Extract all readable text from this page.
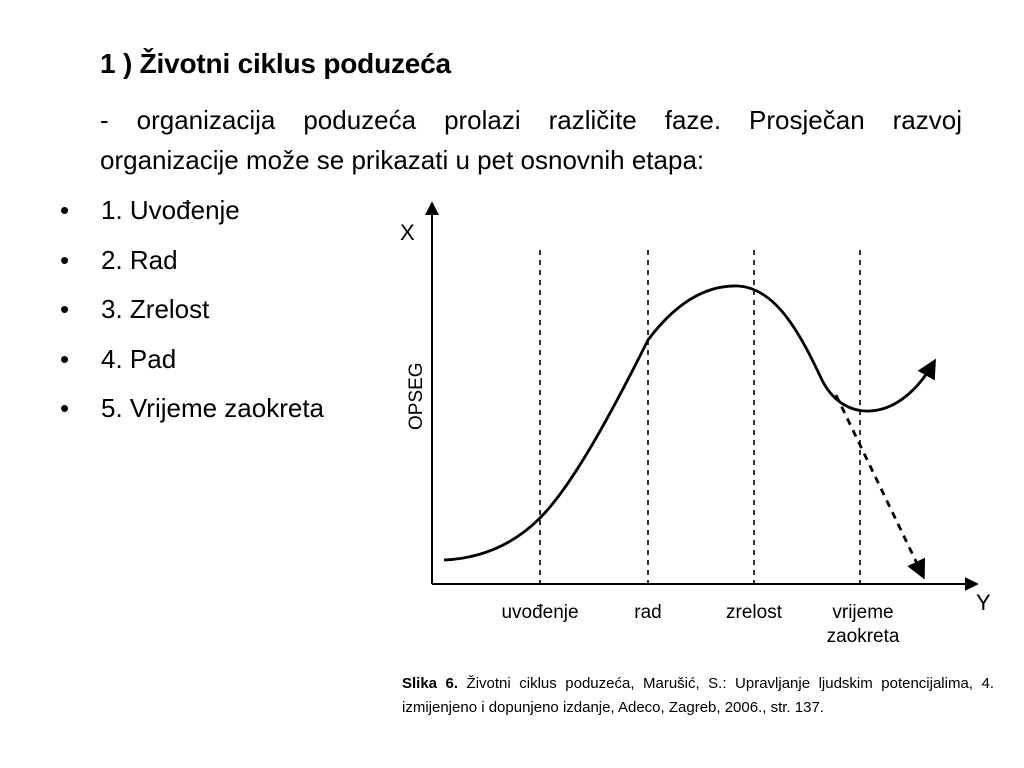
1 ) Životni ciklus poduzeća
- organizacija poduzeća prolazi različite faze. Prosječan razvoj organizacije može se prikazati u pet osnovnih etapa:
• 1. Uvođenje
• 2. Rad
• 3. Zrelost
• 4. Pad
• 5. Vrijeme zaokreta
X
Y
OPSEG
uvođenje	rad	zrelost	vrijeme
zaokreta
Slika 6. Životni ciklus poduzeća, Marušić, S.: Upravljanje ljudskim potencijalima, 4. izmijenjeno i dopunjeno izdanje, Adeco, Zagreb, 2006., str. 137.
